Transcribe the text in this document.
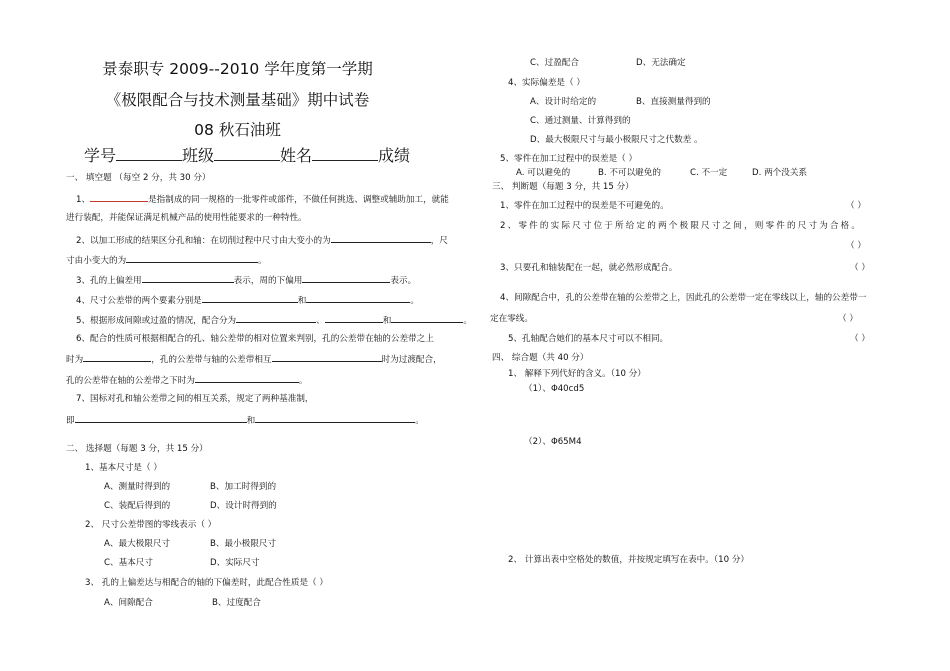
景泰职专 2009--2010 学年度第一学期
《极限配合与技术测量基础》期中试卷
08 秋石油班
学号	班级	姓名	成绩
一、 填空题 （每空 2 分，共 30 分）
1、	是指制成的同一规格的一批零件或部件，不做任何挑选、调整或辅助加工，就能
进行装配，并能保证满足机械产品的使用性能要求的一种特性。
2、以加工形成的结果区分孔和轴：在切削过程中尺寸由大变小的为	，尺
寸由小变大的为	。
3、孔的上偏差用	表示，周的下偏用	表示。
4、尺寸公差带的两个要素分别是	和	。
5、根据形成间隙或过盈的情况，配合分为	、	和	。
6、配合的性质可根据相配合的孔、轴公差带的相对位置来判别，孔的公差带在轴的公差带之上
时为	，孔的公差带与轴的公差带相互	时为过渡配合，
孔的公差带在轴的公差带之下时为	。
7、国标对孔和轴公差带之间的相互关系，规定了两种基准制，
即	和	。
二、 选择题（每题 3 分，共 15 分）
1、基本尺寸是（ ）
A、测量时得到的	B、加工时得到的
C、装配后得到的	D、设计时得到的
2、 尺寸公差带图的零线表示（ ）
A、最大极限尺寸	B、最小极限尺寸
C、基本尺寸	D、实际尺寸
3、 孔的上偏差达与相配合的轴的下偏差时，此配合性质是（ ）
A、间隙配合	B、过度配合
C、过盈配合	D、无法确定
4、实际偏差是（ ）
A、设计时给定的	B、直接测量得到的
C、通过测量、计算得到的
D、最大极限尺寸与最小极限尺寸之代数差 。
5、零件在加工过程中的误差是（ ）
A. 可以避免的	B. 不可以避免的	C. 不一定	D. 两个没关系
三、 判断题（每题 3 分，共 15 分）
1、零件在加工过程中的误差是不可避免的。	（ ）
2、零件的实际尺寸位于所给定的两个极限尺寸之间，则零件的尺寸为合格。
（ ）
3、只要孔和轴装配在一起，就必然形成配合。	（ ）
4、间隙配合中，孔的公差带在轴的公差带之上，因此孔的公差带一定在零线以上，轴的公差带一
定在零线。	（ ）
5、孔轴配合她们的基本尺寸可以不相同。	（ ）
四、 综合题（共 40 分）
1、 解释下列代好的含义。（10 分）
（1）、Φ40cd5
（2）、Φ65M4
2、 计算出表中空格处的数值，并按规定填写在表中。（10 分）
